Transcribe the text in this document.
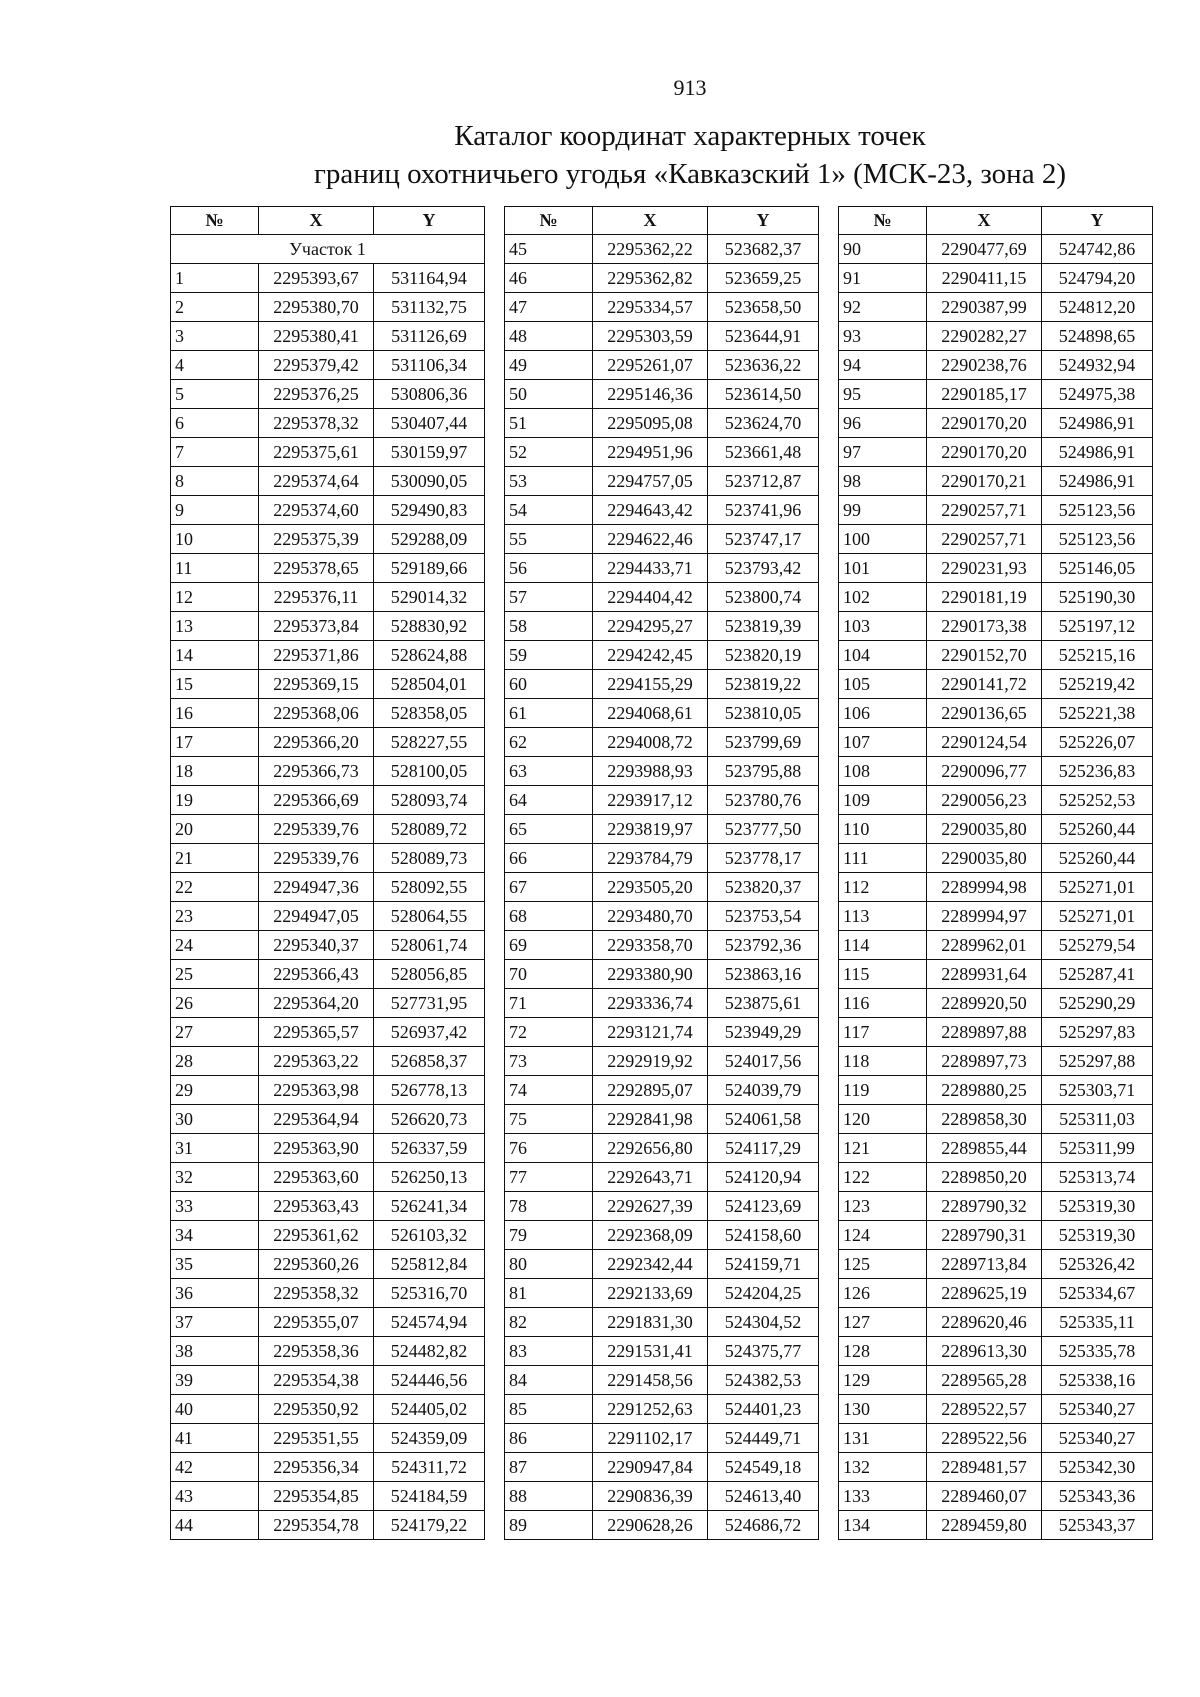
913
Каталог координат характерных точек
границ охотничьего угодья «Кавказский 1» (МСК-23, зона 2)
№	X	Y
Участок 1		
1	2295393,67	531164,94
2	2295380,70	531132,75
3	2295380,41	531126,69
4	2295379,42	531106,34
5	2295376,25	530806,36
6	2295378,32	530407,44
7	2295375,61	530159,97
8	2295374,64	530090,05
9	2295374,60	529490,83
10	2295375,39	529288,09
11	2295378,65	529189,66
12	2295376,11	529014,32
13	2295373,84	528830,92
14	2295371,86	528624,88
15	2295369,15	528504,01
16	2295368,06	528358,05
17	2295366,20	528227,55
18	2295366,73	528100,05
19	2295366,69	528093,74
20	2295339,76	528089,72
21	2295339,76	528089,73
22	2294947,36	528092,55
23	2294947,05	528064,55
24	2295340,37	528061,74
25	2295366,43	528056,85
26	2295364,20	527731,95
27	2295365,57	526937,42
28	2295363,22	526858,37
29	2295363,98	526778,13
30	2295364,94	526620,73
31	2295363,90	526337,59
32	2295363,60	526250,13
33	2295363,43	526241,34
34	2295361,62	526103,32
35	2295360,26	525812,84
36	2295358,32	525316,70
37	2295355,07	524574,94
38	2295358,36	524482,82
39	2295354,38	524446,56
40	2295350,92	524405,02
41	2295351,55	524359,09
42	2295356,34	524311,72
43	2295354,85	524184,59
44	2295354,78	524179,22
№	X	Y
45	2295362,22	523682,37
46	2295362,82	523659,25
47	2295334,57	523658,50
48	2295303,59	523644,91
49	2295261,07	523636,22
50	2295146,36	523614,50
51	2295095,08	523624,70
52	2294951,96	523661,48
53	2294757,05	523712,87
54	2294643,42	523741,96
55	2294622,46	523747,17
56	2294433,71	523793,42
57	2294404,42	523800,74
58	2294295,27	523819,39
59	2294242,45	523820,19
60	2294155,29	523819,22
61	2294068,61	523810,05
62	2294008,72	523799,69
63	2293988,93	523795,88
64	2293917,12	523780,76
65	2293819,97	523777,50
66	2293784,79	523778,17
67	2293505,20	523820,37
68	2293480,70	523753,54
69	2293358,70	523792,36
70	2293380,90	523863,16
71	2293336,74	523875,61
72	2293121,74	523949,29
73	2292919,92	524017,56
74	2292895,07	524039,79
75	2292841,98	524061,58
76	2292656,80	524117,29
77	2292643,71	524120,94
78	2292627,39	524123,69
79	2292368,09	524158,60
80	2292342,44	524159,71
81	2292133,69	524204,25
82	2291831,30	524304,52
83	2291531,41	524375,77
84	2291458,56	524382,53
85	2291252,63	524401,23
86	2291102,17	524449,71
87	2290947,84	524549,18
88	2290836,39	524613,40
89	2290628,26	524686,72
№	X	Y
90	2290477,69	524742,86
91	2290411,15	524794,20
92	2290387,99	524812,20
93	2290282,27	524898,65
94	2290238,76	524932,94
95	2290185,17	524975,38
96	2290170,20	524986,91
97	2290170,20	524986,91
98	2290170,21	524986,91
99	2290257,71	525123,56
100	2290257,71	525123,56
101	2290231,93	525146,05
102	2290181,19	525190,30
103	2290173,38	525197,12
104	2290152,70	525215,16
105	2290141,72	525219,42
106	2290136,65	525221,38
107	2290124,54	525226,07
108	2290096,77	525236,83
109	2290056,23	525252,53
110	2290035,80	525260,44
111	2290035,80	525260,44
112	2289994,98	525271,01
113	2289994,97	525271,01
114	2289962,01	525279,54
115	2289931,64	525287,41
116	2289920,50	525290,29
117	2289897,88	525297,83
118	2289897,73	525297,88
119	2289880,25	525303,71
120	2289858,30	525311,03
121	2289855,44	525311,99
122	2289850,20	525313,74
123	2289790,32	525319,30
124	2289790,31	525319,30
125	2289713,84	525326,42
126	2289625,19	525334,67
127	2289620,46	525335,11
128	2289613,30	525335,78
129	2289565,28	525338,16
130	2289522,57	525340,27
131	2289522,56	525340,27
132	2289481,57	525342,30
133	2289460,07	525343,36
134	2289459,80	525343,37
